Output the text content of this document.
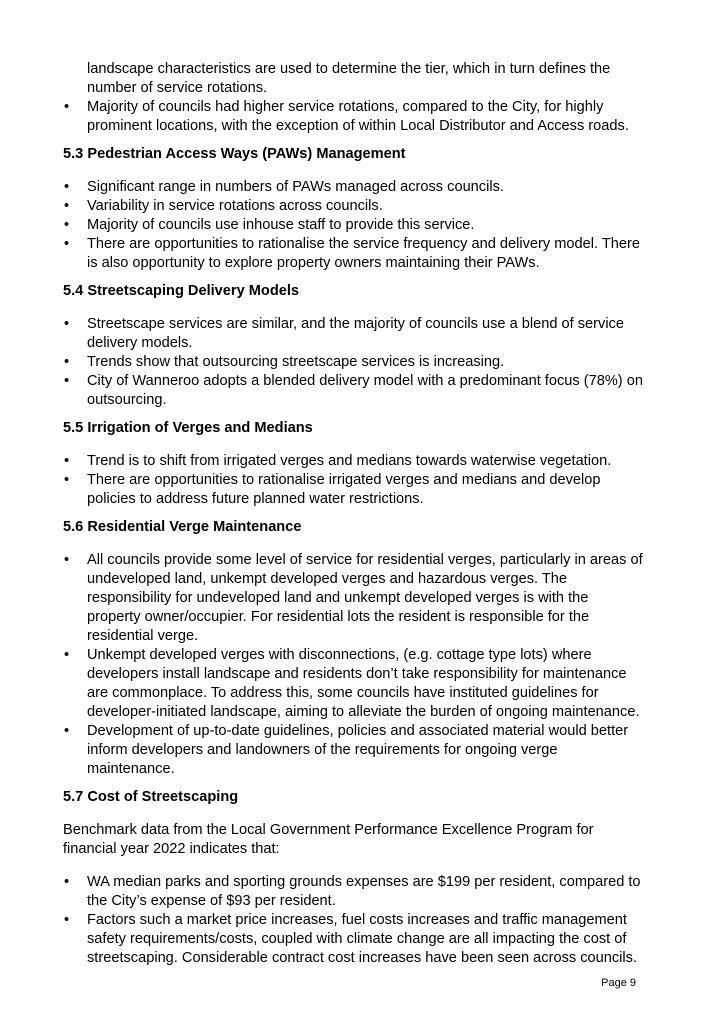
landscape characteristics are used to determine the tier, which in turn defines the

number of service rotations.

• Majority of councils had higher service rotations, compared to the City, for highly prominent locations, with the exception of within Local Distributor and Access roads.
5.3 Pedestrian Access Ways (PAWs) Management
• Significant range in numbers of PAWs managed across councils.
• Variability in service rotations across councils.
• Majority of councils use inhouse staff to provide this service.
• There are opportunities to rationalise the service frequency and delivery model. There is also opportunity to explore property owners maintaining their PAWs.
5.4 Streetscaping Delivery Models
• Streetscape services are similar, and the majority of councils use a blend of service delivery models.
• Trends show that outsourcing streetscape services is increasing.
• City of Wanneroo adopts a blended delivery model with a predominant focus (78%) on outsourcing.
5.5 Irrigation of Verges and Medians
• Trend is to shift from irrigated verges and medians towards waterwise vegetation.
• There are opportunities to rationalise irrigated verges and medians and develop policies to address future planned water restrictions.
5.6 Residential Verge Maintenance
• All councils provide some level of service for residential verges, particularly in areas of undeveloped land, unkempt developed verges and hazardous verges. The responsibility for undeveloped land and unkempt developed verges is with the property owner/occupier. For residential lots the resident is responsible for the residential verge.
• Unkempt developed verges with disconnections, (e.g. cottage type lots) where developers install landscape and residents don’t take responsibility for maintenance are commonplace. To address this, some councils have instituted guidelines for developer-initiated landscape, aiming to alleviate the burden of ongoing maintenance.
• Development of up-to-date guidelines, policies and associated material would better inform developers and landowners of the requirements for ongoing verge maintenance.
5.7 Cost of Streetscaping

Benchmark data from the Local Government Performance Excellence Program for financial year 2022 indicates that:

• WA median parks and sporting grounds expenses are $199 per resident, compared to the City’s expense of $93 per resident.
• Factors such a market price increases, fuel costs increases and traffic management safety requirements/costs, coupled with climate change are all impacting the cost of streetscaping. Considerable contract cost increases have been seen across councils.
Page 9
